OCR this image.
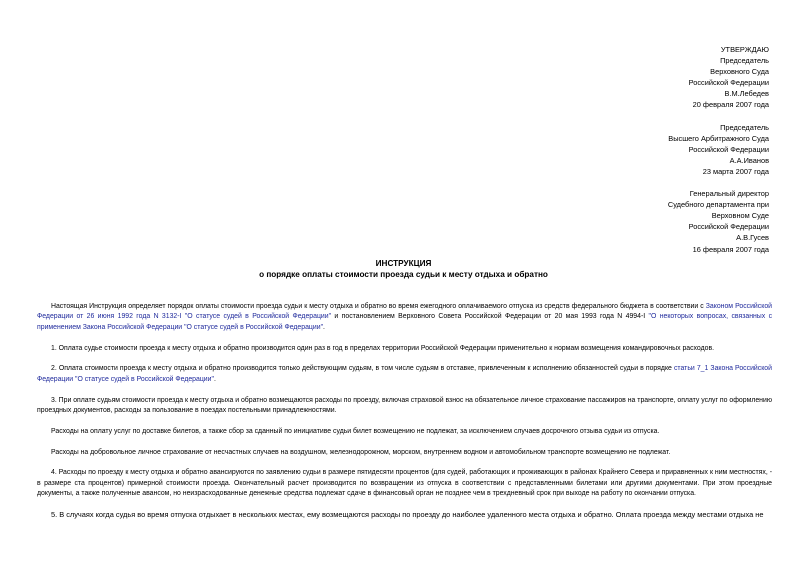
УТВЕРЖДАЮ
Председатель
Верховного Суда
Российской Федерации
В.М.Лебедев
20 февраля 2007 года
Председатель
Высшего Арбитражного Суда
Российской Федерации
А.А.Иванов
23 марта 2007 года
Генеральный директор
Судебного департамента при
Верховном Суде
Российской Федерации
А.В.Гусев
16 февраля 2007 года
ИНСТРУКЦИЯ
о порядке оплаты стоимости проезда судьи к месту отдыха и обратно

Настоящая Инструкция определяет порядок оплаты стоимости проезда судьи к месту отдыха и обратно во время ежегодного оплачиваемого отпуска из средств федерального бюджета в соответствии с Законом Российской Федерации от 26 июня 1992 года N 3132-I "О статусе судей в Российской Федерации" и постановлением Верховного Совета Российской Федерации от 20 мая 1993 года N 4994-I "О некоторых вопросах, связанных с применением Закона Российской Федерации "О статусе судей в Российской Федерации".

1. Оплата судье стоимости проезда к месту отдыха и обратно производится один раз в год в пределах территории Российской Федерации применительно к нормам возмещения командировочных расходов.

2. Оплата стоимости проезда к месту отдыха и обратно производится только действующим судьям, в том числе судьям в отставке, привлеченным к исполнению обязанностей судьи в порядке статьи 7_1 Закона Российской Федерации "О статусе судей в Российской Федерации".

3. При оплате судьям стоимости проезда к месту отдыха и обратно возмещаются расходы по проезду, включая страховой взнос на обязательное личное страхование пассажиров на транспорте, оплату услуг по оформлению проездных документов, расходы за пользование в поездах постельными принадлежностями.

Расходы на оплату услуг по доставке билетов, а также сбор за сданный по инициативе судьи билет возмещению не подлежат, за исключением случаев досрочного отзыва судьи из отпуска.

Расходы на добровольное личное страхование от несчастных случаев на воздушном, железнодорожном, морском, внутреннем водном и автомобильном транспорте возмещению не подлежат.

4. Расходы по проезду к месту отдыха и обратно авансируются по заявлению судьи в размере пятидесяти процентов (для судей, работающих и проживающих в районах Крайнего Севера и приравненных к ним местностях, - в размере ста процентов) примерной стоимости проезда. Окончательный расчет производится по возвращении из отпуска в соответствии с представленными билетами или другими документами. При этом проездные документы, а также полученные авансом, но неизрасходованные денежные средства подлежат сдаче в финансовый орган не позднее чем в трехдневный срок при выходе на работу по окончании отпуска.

5. В случаях когда судья во время отпуска отдыхает в нескольких местах, ему возмещаются расходы по проезду до наиболее удаленного места отдыха и обратно. Оплата проезда между местами отдыха не
